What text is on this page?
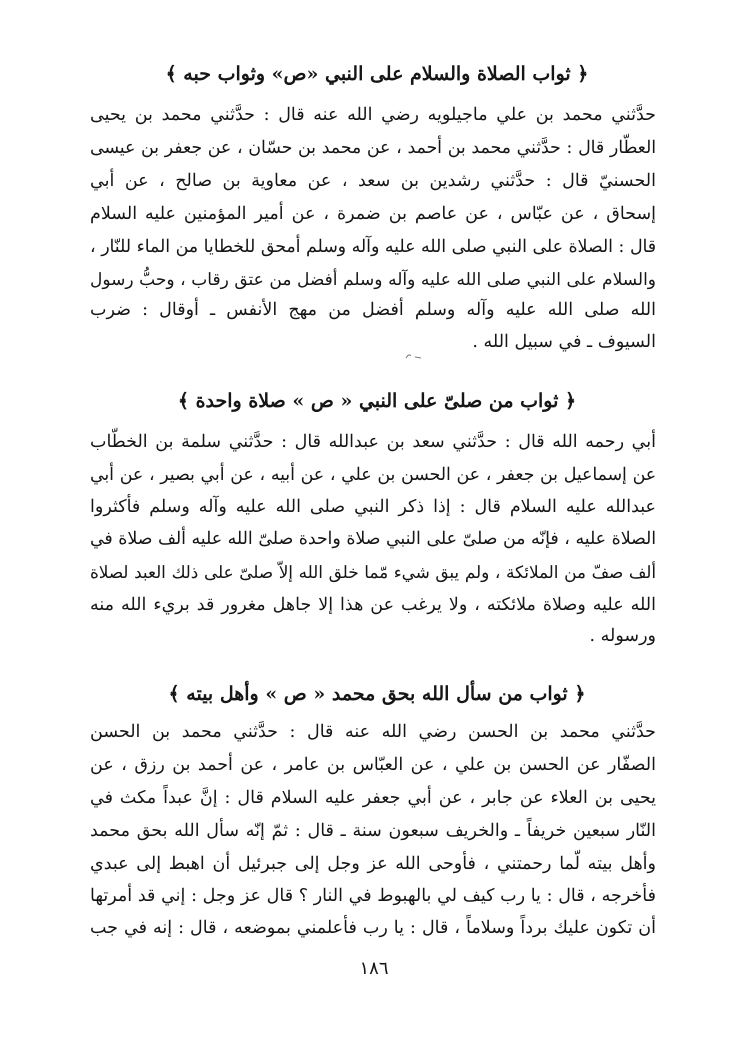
﴿ ثواب الصلاة والسلام على النبي «ص» وثواب حبه ﴾
حدَّثني محمد بن علي ماجيلويه رضي الله عنه قال : حدَّثني محمد بن يحيى
العطّار قال : حدَّثني محمد بن أحمد ، عن محمد بن حسّان ، عن جعفر بن عيسى
الحسنيّ قال : حدَّثني رشدين بن سعد ، عن معاوية بن صالح ، عن أبي
إسحاق ، عن عبّاس ، عن عاصم بن ضمرة ، عن أمير المؤمنين عليه السلام
قال : الصلاة على النبي صلى الله عليه وآله وسلم أمحق للخطايا من الماء للنّار ،
والسلام على النبي صلى الله عليه وآله وسلم أفضل من عتق رقاب ، وحبُّ رسول
الله صلى الله عليه وآله وسلم أفضل من مهج الأنفس ـ أوقال : ضرب
السيوف ـ في سبيل الله .
﴿ ثواب من صلىّ على النبي « ص » صلاة واحدة ﴾
أبي رحمه الله قال : حدَّثني سعد بن عبدالله قال : حدَّثني سلمة بن الخطّاب
عن إسماعيل بن جعفر ، عن الحسن بن علي ، عن أبيه ، عن أبي بصير ، عن أبي
عبدالله عليه السلام قال : إذا ذكر النبي صلى الله عليه وآله وسلم فأكثروا
الصلاة عليه ، فإنّه من صلىّ على النبي صلاة واحدة صلىّ الله عليه ألف صلاة في
ألف صفّ من الملائكة ، ولم يبق شيء مّما خلق الله إلاّ صلىّ على ذلك العبد لصلاة
الله عليه وصلاة ملائكته ، ولا يرغب عن هذا إلا جاهل مغرور قد بريء الله منه
ورسوله .
﴿ ثواب من سأل الله بحق محمد « ص » وأهل بيته ﴾
حدَّثني محمد بن الحسن رضي الله عنه قال : حدَّثني محمد بن الحسن
الصفّار عن الحسن بن علي ، عن العبّاس بن عامر ، عن أحمد بن رزق ، عن
يحيى بن العلاء عن جابر ، عن أبي جعفر عليه السلام قال : إنَّ عبداً مكث في
النّار سبعين خريفاً ـ والخريف سبعون سنة ـ قال : ثمّ إنّه سأل الله بحق محمد
وأهل بيته لّما رحمتني ، فأوحى الله عز وجل إلى جبرئيل أن اهبط إلى عبدي
فأخرجه ، قال : يا رب كيف لي بالهبوط في النار ؟ قال عز وجل : إني قد أمرتها
أن تكون عليك برداً وسلاماً ، قال : يا رب فأعلمني بموضعه ، قال : إنه في جب
١٨٦
